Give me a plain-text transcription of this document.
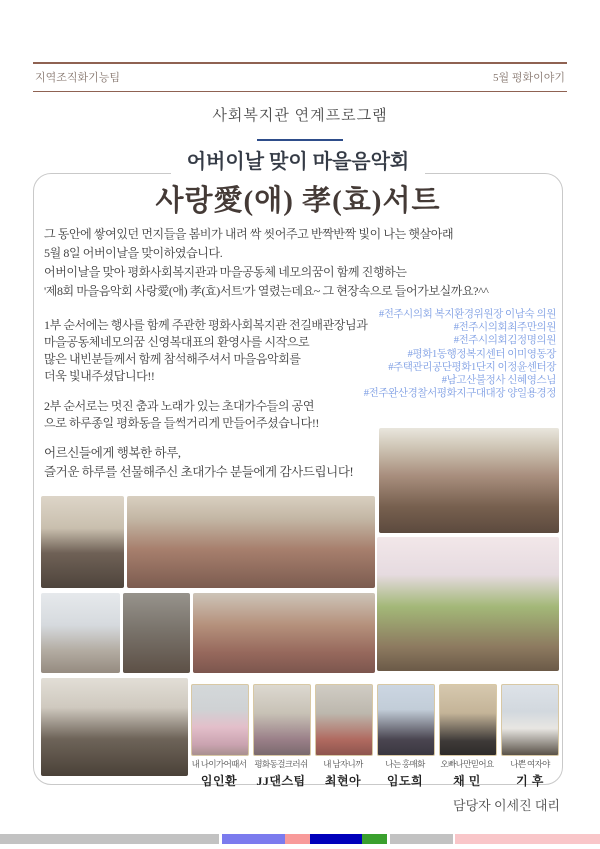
지역조직화기능팀	5월 평화이야기
사회복지관 연계프로그램
어버이날 맞이 마을음악회
사랑愛(애) 孝(효)서트
그 동안에 쌓여있던 먼지들을 봄비가 내려 싹 씻어주고 반짝반짝 빛이 나는 햇살아래
5월 8일 어버이날을 맞이하였습니다.
어버이날을 맞아 평화사회복지관과 마을공동체 네모의꿈이 함께 진행하는
'제8회 마을음악회 사랑愛(애) 孝(효)서트'가 열렸는데요~ 그 현장속으로 들어가보실까요?^^
1부 순서에는 행사를 함께 주관한 평화사회복지관 전길배관장님과
마을공동체네모의꿈 신영복대표의 환영사를 시작으로
많은 내빈분들께서 함께 참석해주셔서 마을음악회를
더욱 빛내주셨답니다!!
2부 순서로는 멋진 춤과 노래가 있는 초대가수들의 공연
으로 하루종일 평화동을 들썩거리게 만들어주셨습니다!!
#전주시의회 복지환경위원장 이남숙 의원
#전주시의회최주만의원
#전주시의회김정명의원
#평화1동행정복지센터 이미영동장
#주택관리공단평화1단지 이정윤센터장
#남고산불정사 신혜영스님
#전주완산경찰서평화지구대대장 양일용경정
어르신들에게 행복한 하루,
즐거운 하루를 선물해주신 초대가수 분들에게 감사드립니다!
내 나이가어때서
임인환
평화동걸크러쉬
JJ댄스팀
내 남자니까
최현아
나는 홍매화
임도희
오빠나만믿어요
채 민
나쁜 여자야
기 후
담당자 이세진 대리
